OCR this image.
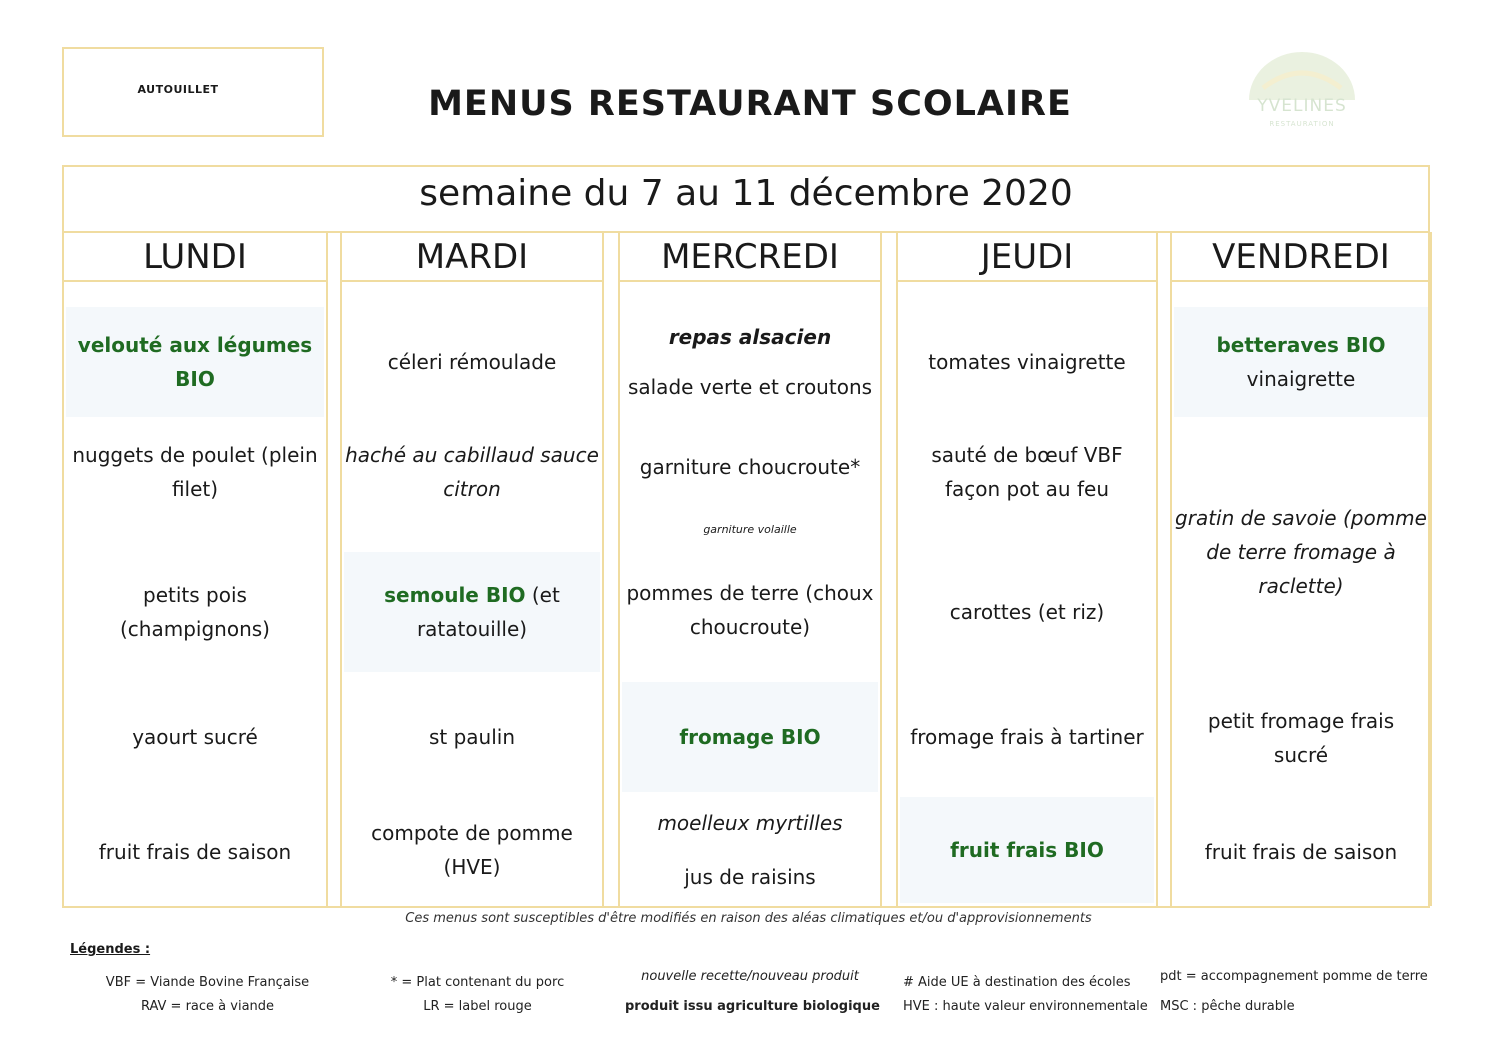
AUTOUILLET	MENUS RESTAURANT SCOLAIRE	YVELINES
RESTAURATION
semaine du 7 au 11 décembre 2020
LUNDI
velouté aux légumes
BIO
nuggets de poulet (plein
filet)
petits pois (champignons)
yaourt sucré
fruit frais de saison
MARDI
céleri rémoulade
haché au cabillaud sauce
citron
semoule BIO (et
ratatouille)
st paulin
compote de pomme
(HVE)
MERCREDI
repas alsacien
salade verte et croutons
garniture choucroute*
garniture volaille
pommes de terre (choux
choucroute)
fromage BIO
moelleux myrtilles
jus de raisins
JEUDI
tomates vinaigrette
sauté de bœuf VBF
façon pot au feu
carottes (et riz)
fromage frais à tartiner
fruit frais BIO
VENDREDI
betteraves BIO
vinaigrette
gratin de savoie (pomme
de terre fromage à
raclette)
petit fromage frais
sucré
fruit frais de saison
Ces menus sont susceptibles d'être modifiés en raison des aléas climatiques et/ou d'approvisionnements
Légendes :
VBF = Viande Bovine Française
RAV = race à viande
* = Plat contenant du porc
LR = label rouge
nouvelle recette/nouveau produit
produit issu agriculture biologique
# Aide UE à destination des écoles
HVE : haute valeur environnementale
pdt = accompagnement pomme de terre
MSC : pêche durable
